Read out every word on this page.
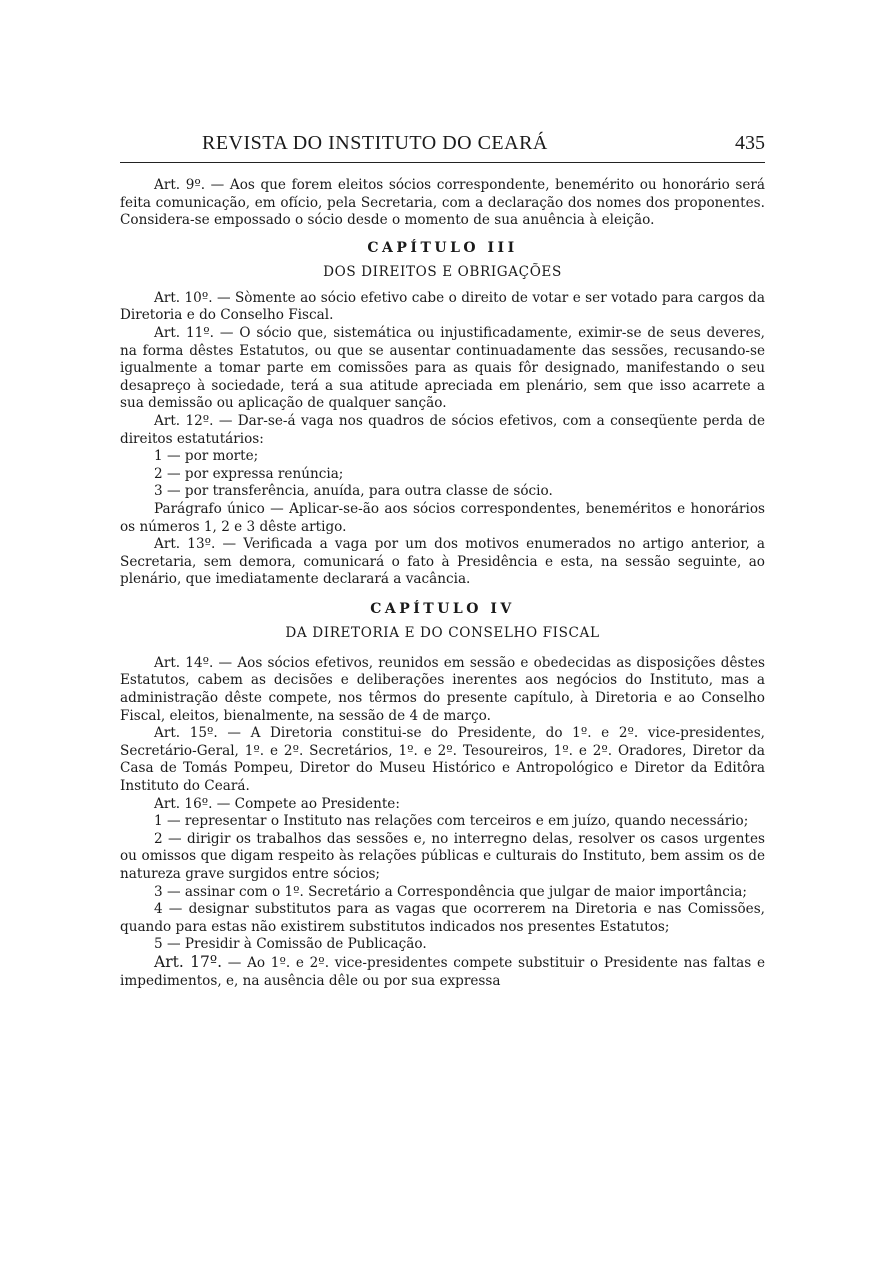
REVISTA DO INSTITUTO DO CEARÁ	435

Art. 9º. — Aos que forem eleitos sócios correspondente, benemérito ou honorário será feita comunicação, em ofício, pela Secretaria, com a declaração dos nomes dos proponentes. Considera-se empossado o sócio desde o momento de sua anuência à eleição.

CAPÍTULO III
DOS DIREITOS E OBRIGAÇÕES

Art. 10º. — Sòmente ao sócio efetivo cabe o direito de votar e ser votado para cargos da Diretoria e do Conselho Fiscal.

Art. 11º. — O sócio que, sistemática ou injustificadamente, eximir-se de seus deveres, na forma dêstes Estatutos, ou que se ausentar continuadamente das sessões, recusando-se igualmente a tomar parte em comissões para as quais fôr designado, manifestando o seu desapreço à sociedade, terá a sua atitude apreciada em plenário, sem que isso acarrete a sua demissão ou aplicação de qualquer sanção.

Art. 12º. — Dar-se-á vaga nos quadros de sócios efetivos, com a conseqüente perda de direitos estatutários:

1 — por morte;

2 — por expressa renúncia;

3 — por transferência, anuída, para outra classe de sócio.

Parágrafo único — Aplicar-se-ão aos sócios correspondentes, beneméritos e honorários os números 1, 2 e 3 dêste artigo.

Art. 13º. — Verificada a vaga por um dos motivos enumerados no artigo anterior, a Secretaria, sem demora, comunicará o fato à Presidência e esta, na sessão seguinte, ao plenário, que imediatamente declarará a vacância.

CAPÍTULO IV
DA DIRETORIA E DO CONSELHO FISCAL

Art. 14º. — Aos sócios efetivos, reunidos em sessão e obedecidas as disposições dêstes Estatutos, cabem as decisões e deliberações inerentes aos negócios do Instituto, mas a administração dêste compete, nos têrmos do presente capítulo, à Diretoria e ao Conselho Fiscal, eleitos, bienalmente, na sessão de 4 de março.

Art. 15º. — A Diretoria constitui-se do Presidente, do 1º. e 2º. vice-presidentes, Secretário-Geral, 1º. e 2º. Secretários, 1º. e 2º. Tesoureiros, 1º. e 2º. Oradores, Diretor da Casa de Tomás Pompeu, Diretor do Museu Histórico e Antropológico e Diretor da Editôra Instituto do Ceará.

Art. 16º. — Compete ao Presidente:

1 — representar o Instituto nas relações com terceiros e em juízo, quando necessário;

2 — dirigir os trabalhos das sessões e, no interregno delas, resolver os casos urgentes ou omissos que digam respeito às relações públicas e culturais do Instituto, bem assim os de natureza grave surgidos entre sócios;

3 — assinar com o 1º. Secretário a Correspondência que julgar de maior importância;

4 — designar substitutos para as vagas que ocorrerem na Diretoria e nas Comissões, quando para estas não existirem substitutos indicados nos presentes Estatutos;

5 — Presidir à Comissão de Publicação.

Art. 17º. — Ao 1º. e 2º. vice-presidentes compete substituir o Presidente nas faltas e impedimentos, e, na ausência dêle ou por sua expressa
